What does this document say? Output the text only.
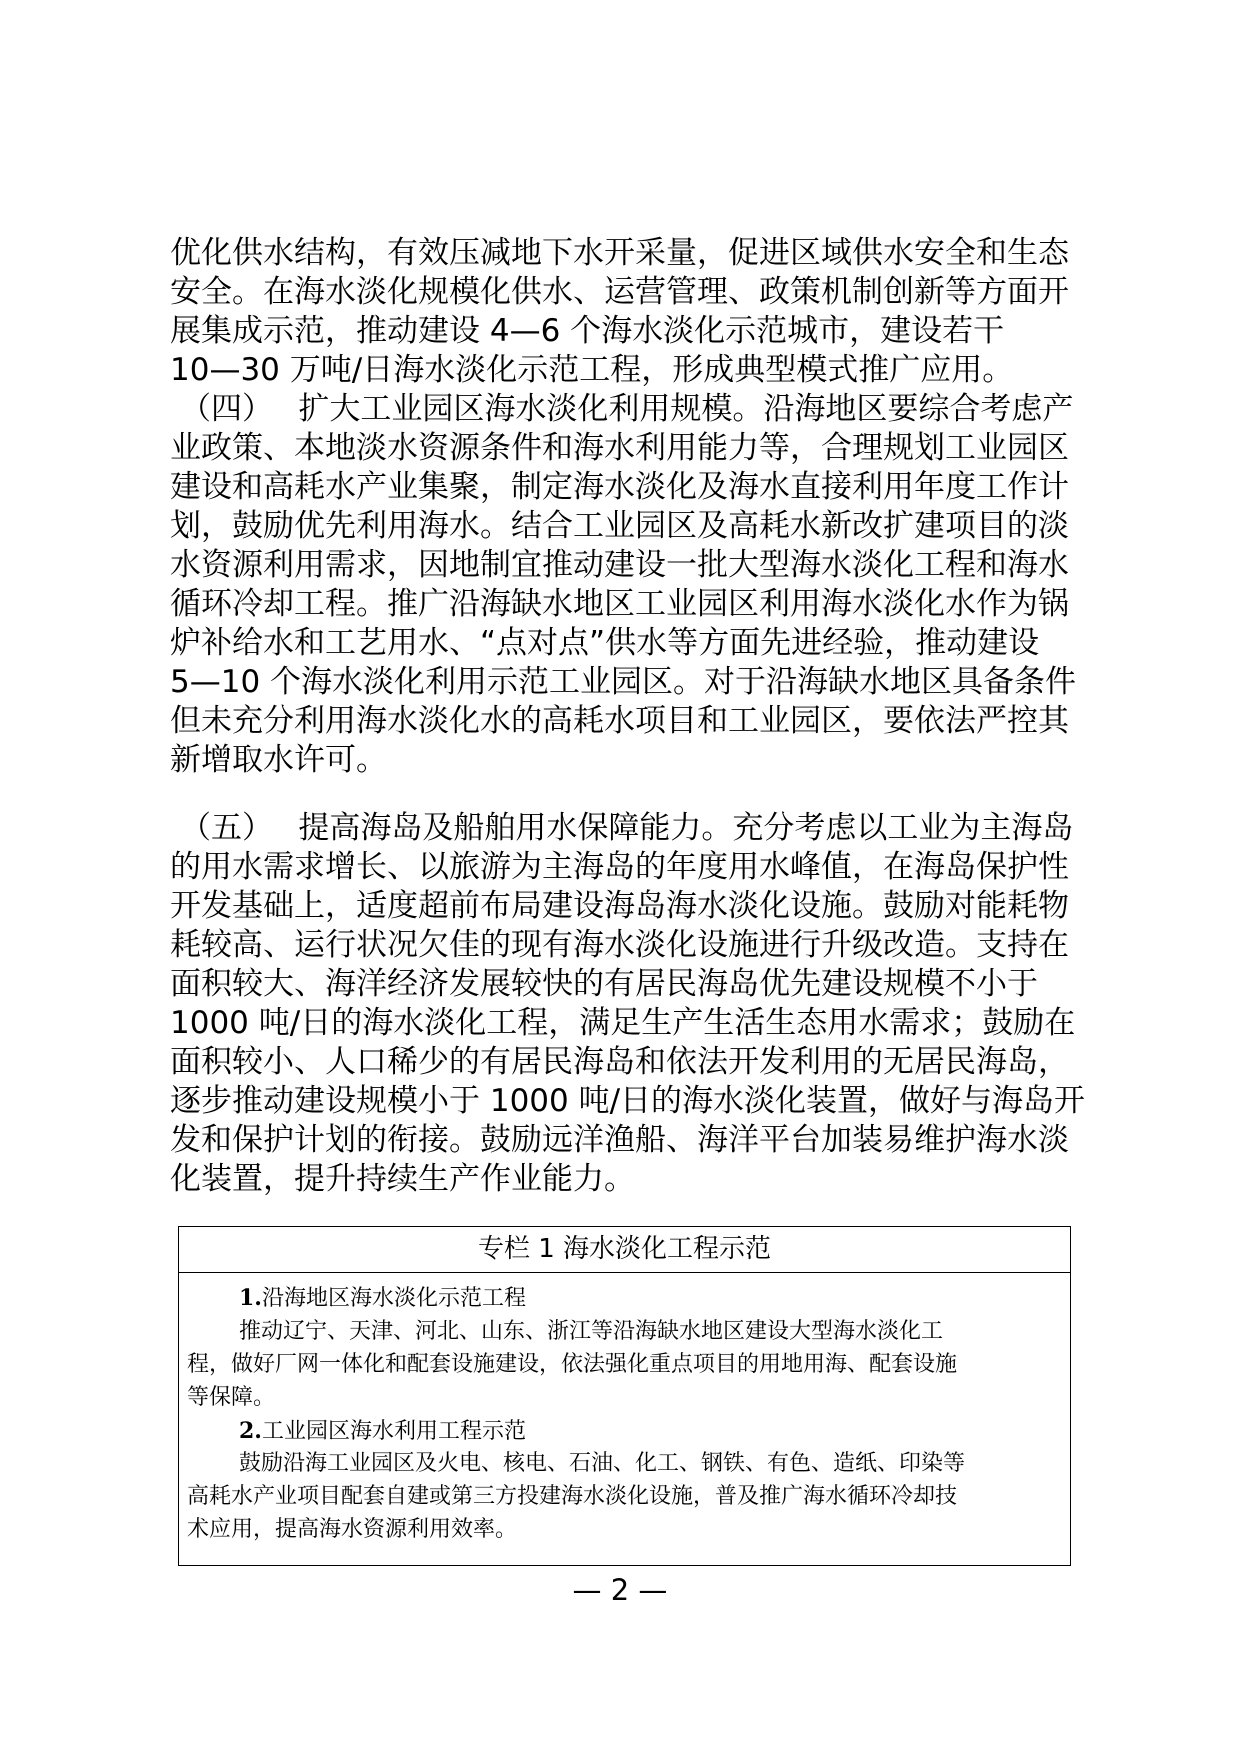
优化供水结构，有效压减地下水开采量，促进区域供水安全和生态
安全。在海水淡化规模化供水、运营管理、政策机制创新等方面开
展集成示范，推动建设 4—6 个海水淡化示范城市，建设若干
10—30 万吨/日海水淡化示范工程，形成典型模式推广应用。
（四）　 扩大工业园区海水淡化利用规模。沿海地区要综合考虑产
业政策、本地淡水资源条件和海水利用能力等，合理规划工业园区
建设和高耗水产业集聚，制定海水淡化及海水直接利用年度工作计
划，鼓励优先利用海水。结合工业园区及高耗水新改扩建项目的淡
水资源利用需求，因地制宜推动建设一批大型海水淡化工程和海水
循环冷却工程。推广沿海缺水地区工业园区利用海水淡化水作为锅
炉补给水和工艺用水、“点对点”供水等方面先进经验，推动建设
5—10 个海水淡化利用示范工业园区。对于沿海缺水地区具备条件
但未充分利用海水淡化水的高耗水项目和工业园区，要依法严控其
新增取水许可。
（五）　 提高海岛及船舶用水保障能力。充分考虑以工业为主海岛
的用水需求增长、以旅游为主海岛的年度用水峰值，在海岛保护性
开发基础上，适度超前布局建设海岛海水淡化设施。鼓励对能耗物
耗较高、运行状况欠佳的现有海水淡化设施进行升级改造。支持在
面积较大、海洋经济发展较快的有居民海岛优先建设规模不小于
1000 吨/日的海水淡化工程，满足生产生活生态用水需求；鼓励在
面积较小、人口稀少的有居民海岛和依法开发利用的无居民海岛，
逐步推动建设规模小于 1000 吨/日的海水淡化装置，做好与海岛开
发和保护计划的衔接。鼓励远洋渔船、海洋平台加装易维护海水淡
化装置，提升持续生产作业能力。
专栏 1 海水淡化工程示范
1.沿海地区海水淡化示范工程
推动辽宁、天津、河北、山东、浙江等沿海缺水地区建设大型海水淡化工
程，做好厂网一体化和配套设施建设，依法强化重点项目的用地用海、配套设施
等保障。
2.工业园区海水利用工程示范
鼓励沿海工业园区及火电、核电、石油、化工、钢铁、有色、造纸、印染等
高耗水产业项目配套自建或第三方投建海水淡化设施，普及推广海水循环冷却技
术应用，提高海水资源利用效率。
— 2 —
